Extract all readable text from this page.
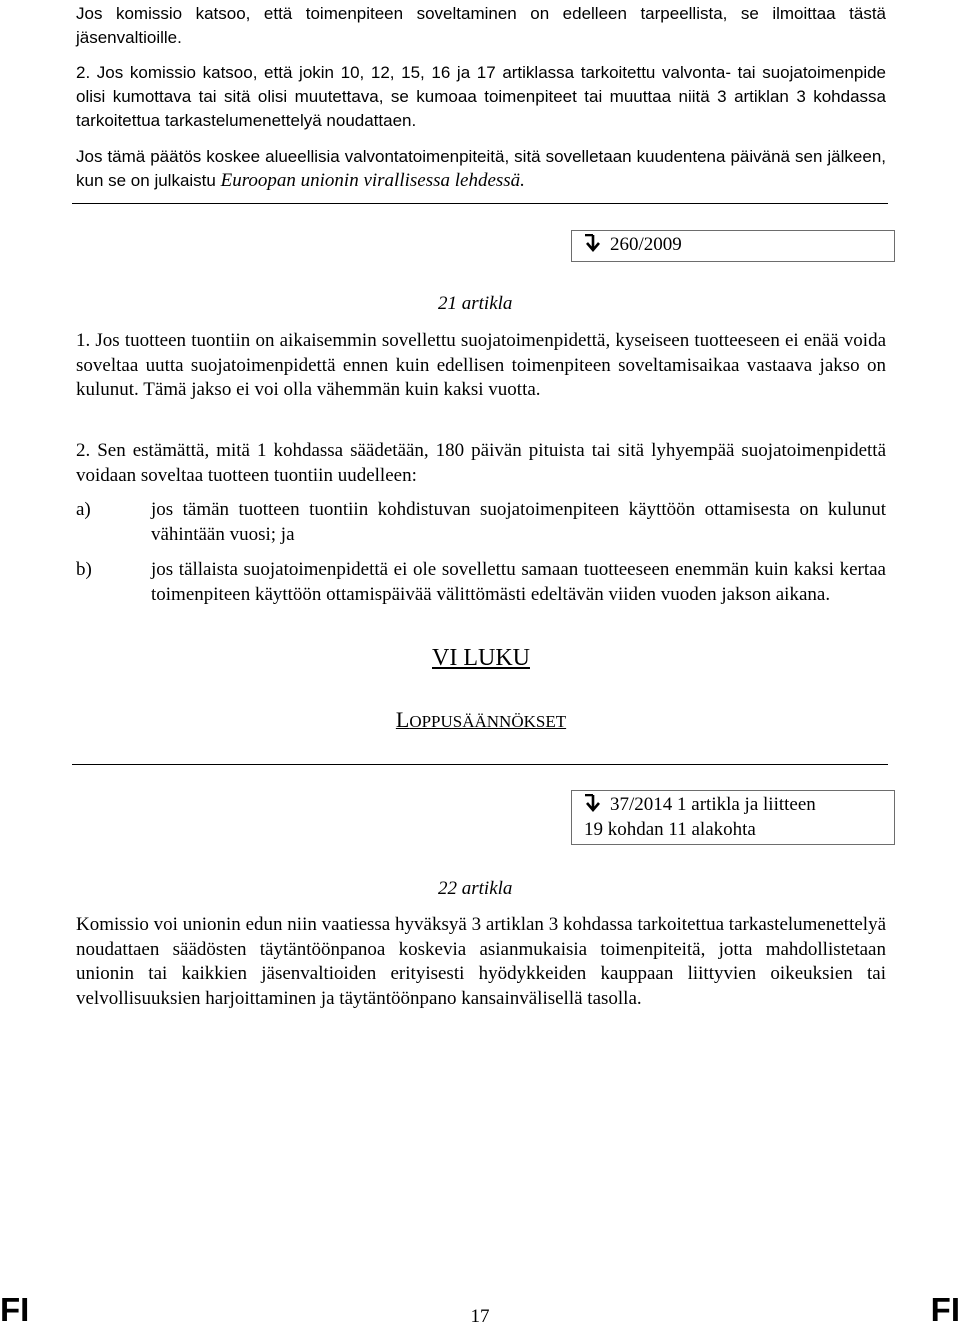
Jos komissio katsoo, että toimenpiteen soveltaminen on edelleen tarpeellista, se ilmoittaa tästä jäsenvaltioille.

2. Jos komissio katsoo, että jokin 10, 12, 15, 16 ja 17 artiklassa tarkoitettu valvonta- tai suojatoimenpide olisi kumottava tai sitä olisi muutettava, se kumoaa toimenpiteet tai muuttaa niitä 3 artiklan 3 kohdassa tarkoitettua tarkastelumenettelyä noudattaen.

Jos tämä päätös koskee alueellisia valvontatoimenpiteitä, sitä sovelletaan kuudentena päivänä sen jälkeen, kun se on julkaistu Euroopan unionin virallisessa lehdessä.

260/2009

21 artikla

1. Jos tuotteen tuontiin on aikaisemmin sovellettu suojatoimenpidettä, kyseiseen tuotteeseen ei enää voida soveltaa uutta suojatoimenpidettä ennen kuin edellisen toimenpiteen soveltamisaikaa vastaava jakso on kulunut. Tämä jakso ei voi olla vähemmän kuin kaksi vuotta.

2. Sen estämättä, mitä 1 kohdassa säädetään, 180 päivän pituista tai sitä lyhyempää suojatoimenpidettä voidaan soveltaa tuotteen tuontiin uudelleen:

a)	jos tämän tuotteen tuontiin kohdistuvan suojatoimenpiteen käyttöön ottamisesta on kulunut vähintään vuosi; ja

b)	jos tällaista suojatoimenpidettä ei ole sovellettu samaan tuotteeseen enemmän kuin kaksi kertaa toimenpiteen käyttöön ottamispäivää välittömästi edeltävän viiden vuoden jakson aikana.

VI LUKU

LOPPUSÄÄNNÖKSET

37/2014 1 artikla ja liitteen
19 kohdan 11 alakohta

22 artikla

Komissio voi unionin edun niin vaatiessa hyväksyä 3 artiklan 3 kohdassa tarkoitettua tarkastelumenettelyä noudattaen säädösten täytäntöönpanoa koskevia asianmukaisia toimenpiteitä, jotta mahdollistetaan unionin tai kaikkien jäsenvaltioiden erityisesti hyödykkeiden kauppaan liittyvien oikeuksien tai velvollisuuksien harjoittaminen ja täytäntöönpano kansainvälisellä tasolla.

FI	17	FI
